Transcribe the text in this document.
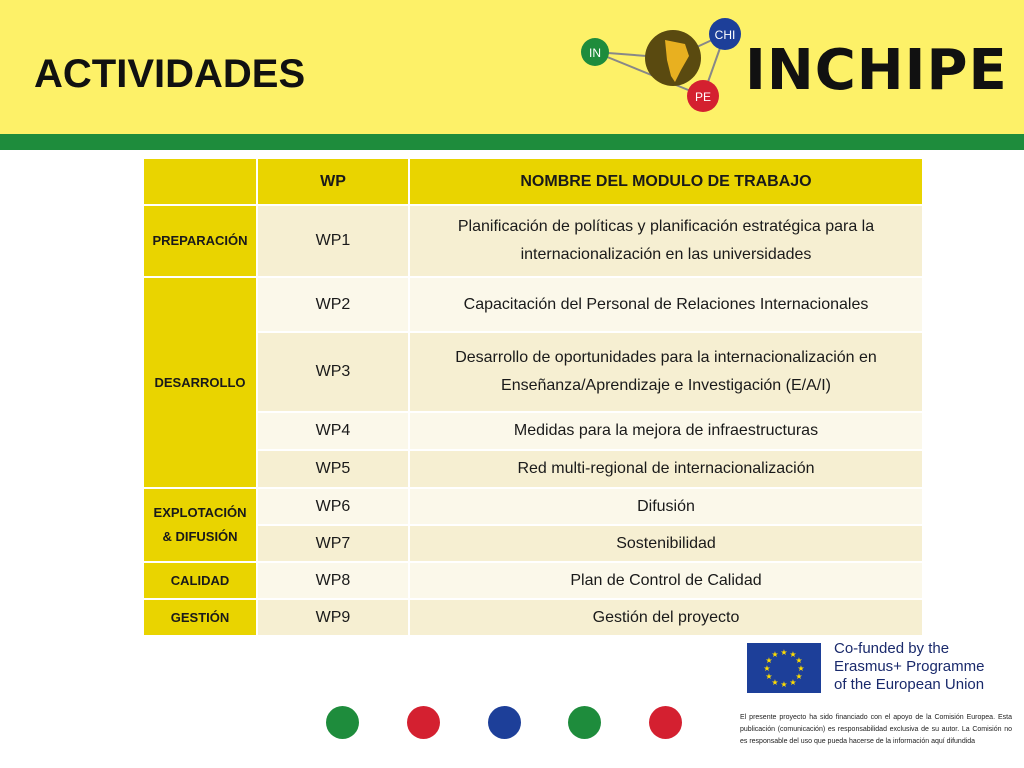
ACTIVIDADES	IN
CHI
PE INCHIPE
	WP	NOMBRE DEL MODULO DE TRABAJO
PREPARACIÓN	WP1	Planificación de políticas y planificación estratégica para la internacionalización en las universidades
DESARROLLO	WP2	Capacitación del Personal de Relaciones Internacionales
	WP3	Desarrollo de oportunidades para la internacionalización en Enseñanza/Aprendizaje e Investigación (E/A/I)
	WP4	Medidas para la mejora de infraestructuras
	WP5	Red multi-regional de internacionalización
EXPLOTACIÓN & DIFUSIÓN	WP6	Difusión
	WP7	Sostenibilidad
CALIDAD	WP8	Plan de Control de Calidad
GESTIÓN	WP9	Gestión del proyecto
★ ★
★
★
★
★
★
★
★
★
★
★	Co-funded by the
Erasmus+ Programme
of the European Union
El presente proyecto ha sido financiado con el apoyo de la Comisión Europea. Esta publicación (comunicación) es responsabilidad exclusiva de su autor. La Comisión no es responsable del uso que pueda hacerse de la información aquí difundida
